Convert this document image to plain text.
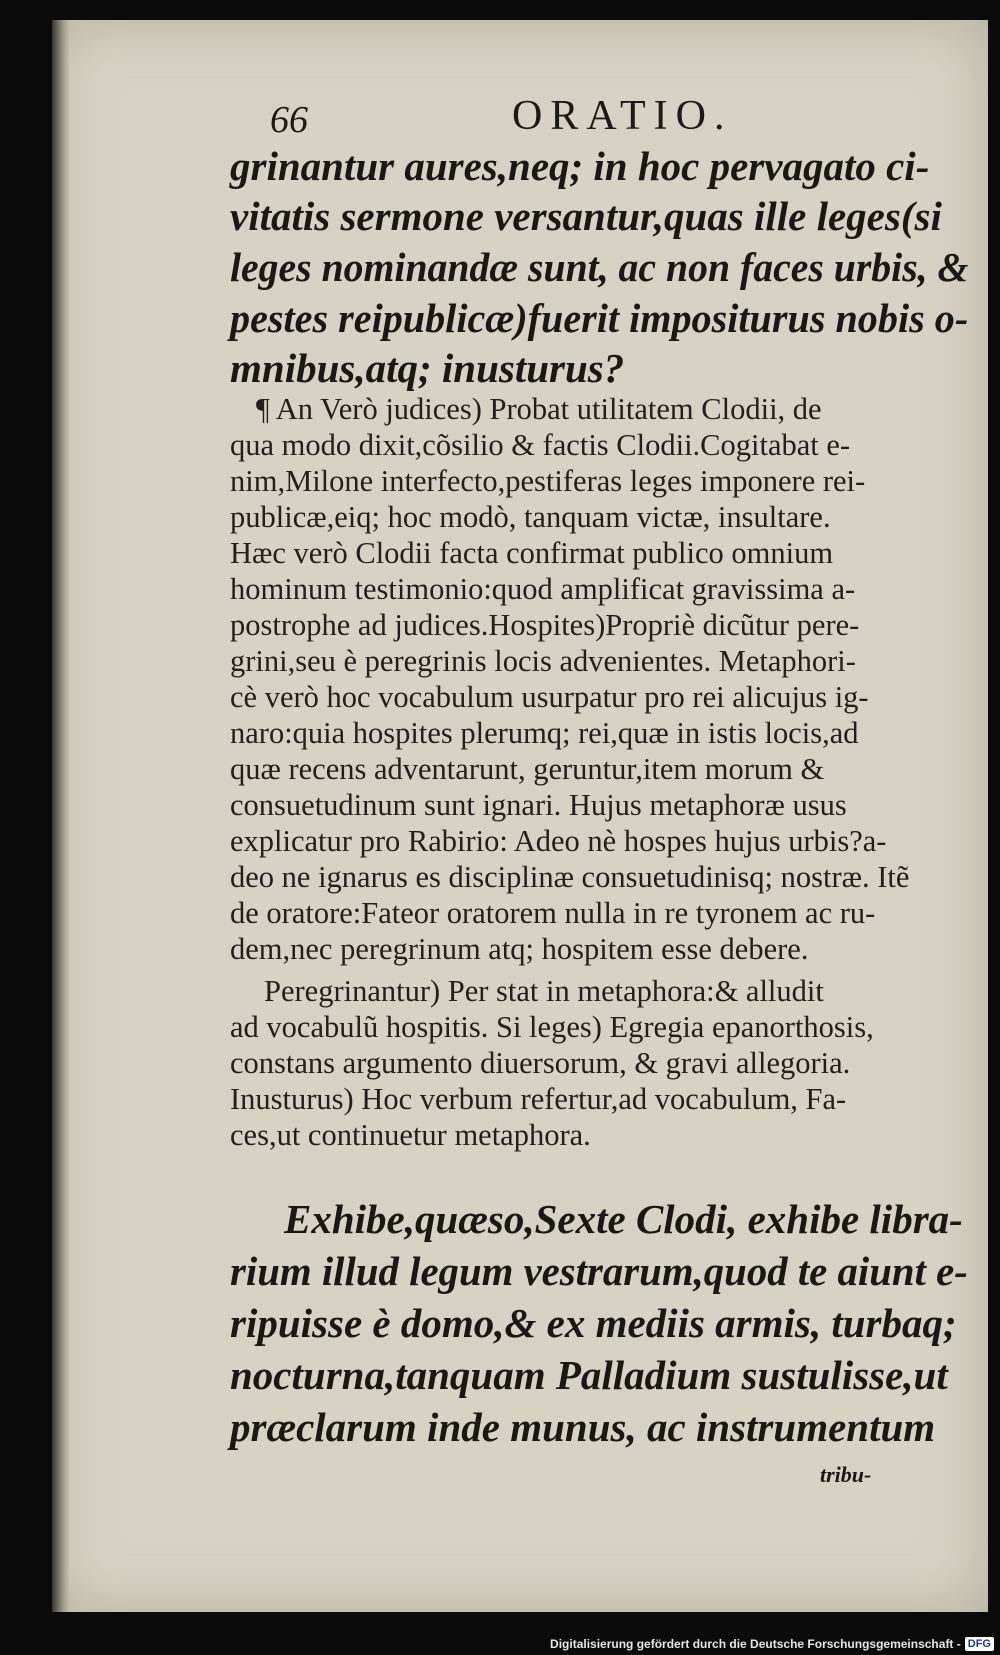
66	ORATIO.
grinantur aures,neq; in hoc pervagato ci-
vitatis sermone versantur,quas ille leges(si
leges nominandæ sunt, ac non faces urbis, &
pestes reipublicæ)fuerit impositurus nobis o-
mnibus,atq; inusturus?
¶ An Verò judices) Probat utilitatem Clodii, de
qua modo dixit,cõsilio & factis Clodii.Cogitabat e-
nim,Milone interfecto,pestiferas leges imponere rei-
publicæ,eiq; hoc modò, tanquam victæ, insultare.
Hæc verò Clodii facta confirmat publico omnium
hominum testimonio:quod amplificat gravissima a-
postrophe ad judices.Hospites)Propriè dicũtur pere-
grini,seu è peregrinis locis advenientes. Metaphori-
cè verò hoc vocabulum usurpatur pro rei alicujus ig-
naro:quia hospites plerumq; rei,quæ in istis locis,ad
quæ recens adventarunt, geruntur,item morum &
consuetudinum sunt ignari. Hujus metaphoræ usus
explicatur pro Rabirio: Adeo nè hospes hujus urbis?a-
deo ne ignarus es disciplinæ consuetudinisq; nostræ. Itẽ
de oratore:Fateor oratorem nulla in re tyronem ac ru-
dem,nec peregrinum atq; hospitem esse debere.
Peregrinantur) Per stat in metaphora:& alludit
ad vocabulũ hospitis. Si leges) Egregia epanorthosis,
constans argumento diuersorum, & gravi allegoria.
Inusturus) Hoc verbum refertur,ad vocabulum, Fa-
ces,ut continuetur metaphora.
Exhibe,quæso,Sexte Clodi, exhibe libra-
rium illud legum vestrarum,quod te aiunt e-
ripuisse è domo,& ex mediis armis, turbaq;
nocturna,tanquam Palladium sustulisse,ut
præclarum inde munus, ac instrumentum
tribu-
Digitalisierung gefördert durch die Deutsche Forschungsgemeinschaft - DFG
